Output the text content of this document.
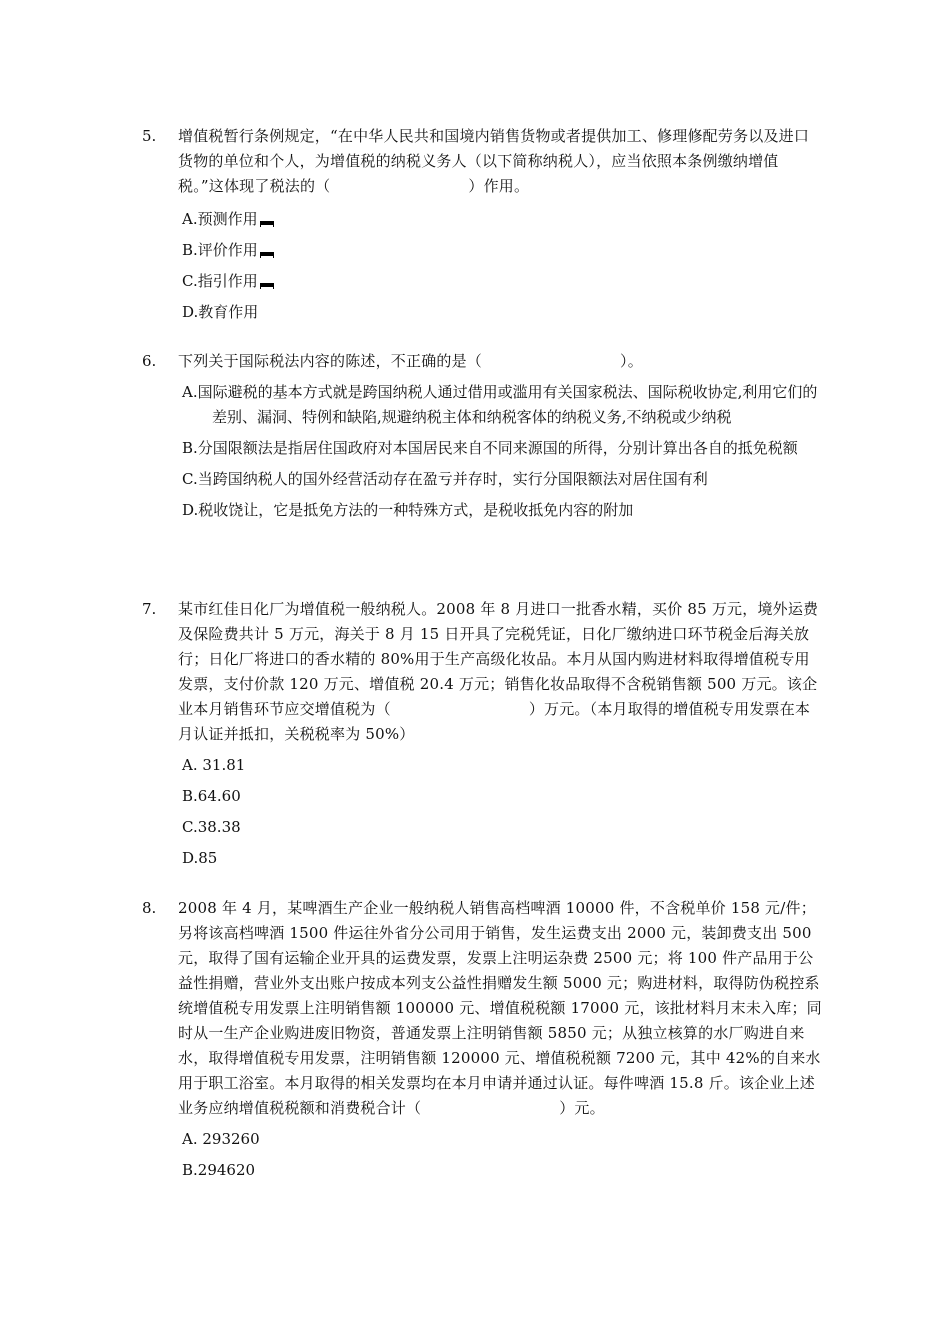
5. 增值税暂行条例规定，“在中华人民共和国境内销售货物或者提供加工、修理修配劳务以及进口货物的单位和个人，为增值税的纳税义务人（以下简称纳税人），应当依照本条例缴纳增值税。”这体现了税法的（	）作用。
A.预测作用
B.评价作用
C.指引作用
D.教育作用
6. 下列关于国际税法内容的陈述，不正确的是（	）。
A.国际避税的基本方式就是跨国纳税人通过借用或滥用有关国家税法、国际税收协定,利用它们的差别、漏洞、特例和缺陷,规避纳税主体和纳税客体的纳税义务,不纳税或少纳税
B.分国限额法是指居住国政府对本国居民来自不同来源国的所得，分别计算出各自的抵免税额
C.当跨国纳税人的国外经营活动存在盈亏并存时，实行分国限额法对居住国有利
D.税收饶让，它是抵免方法的一种特殊方式，是税收抵免内容的附加
7. 某市红佳日化厂为增值税一般纳税人。2008 年 8 月进口一批香水精，买价 85 万元，境外运费及保险费共计 5 万元，海关于 8 月 15 日开具了完税凭证，日化厂缴纳进口环节税金后海关放行；日化厂将进口的香水精的 80%用于生产高级化妆品。本月从国内购进材料取得增值税专用发票，支付价款 120 万元、增值税 20.4 万元；销售化妆品取得不含税销售额 500 万元。该企业本月销售环节应交增值税为（	）万元。（本月取得的增值税专用发票在本月认证并抵扣，关税税率为 50%）
A. 31.81
B.64.60
C.38.38
D.85
8. 2008 年 4 月，某啤酒生产企业一般纳税人销售高档啤酒 10000 件，不含税单价 158 元/件；另将该高档啤酒 1500 件运往外省分公司用于销售，发生运费支出 2000 元，装卸费支出 500 元，取得了国有运输企业开具的运费发票，发票上注明运杂费 2500 元；将 100 件产品用于公益性捐赠，营业外支出账户按成本列支公益性捐赠发生额 5000 元；购进材料，取得防伪税控系统增值税专用发票上注明销售额 100000 元、增值税税额 17000 元，该批材料月末未入库；同时从一生产企业购进废旧物资，普通发票上注明销售额 5850 元；从独立核算的水厂购进自来水，取得增值税专用发票，注明销售额 120000 元、增值税税额 7200 元，其中 42%的自来水用于职工浴室。本月取得的相关发票均在本月申请并通过认证。每件啤酒 15.8 斤。该企业上述业务应纳增值税税额和消费税合计（	）元。
A. 293260
B.294620
